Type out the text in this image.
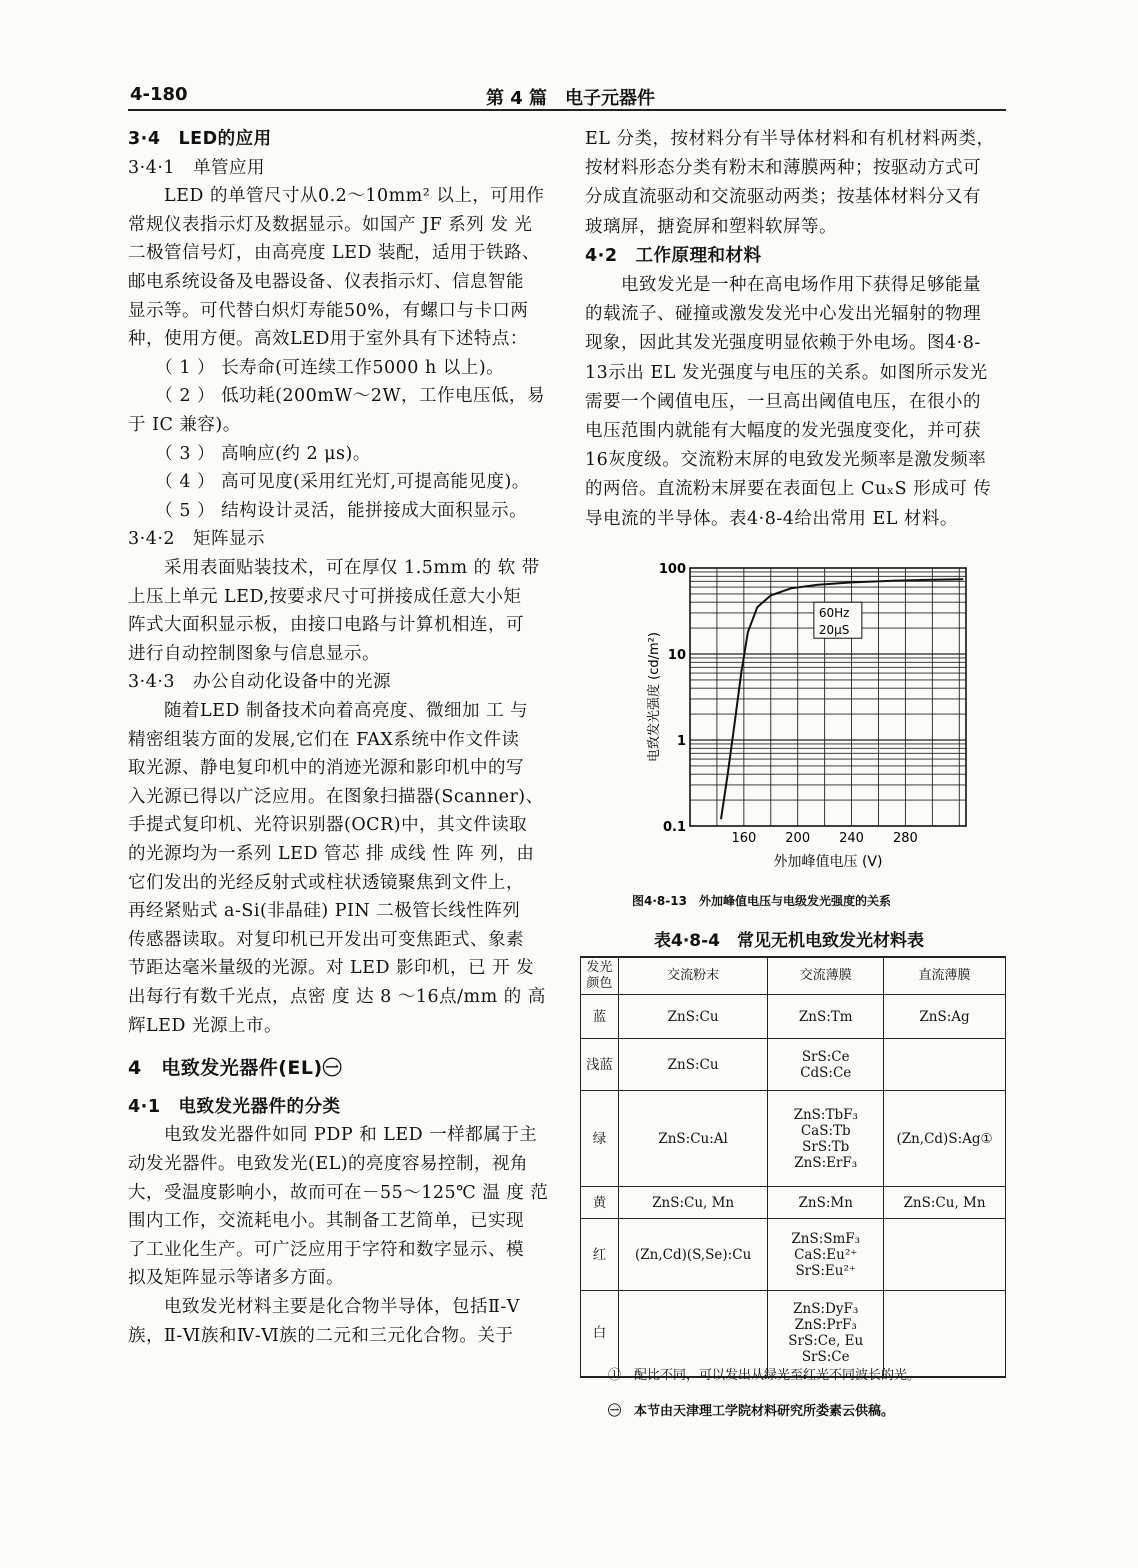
4-180	第 4 篇　电子元器件
3·4　LED的应用
3·4·1　单管应用
　　LED 的单管尺寸从0.2～10mm² 以上，可用作
常规仪表指示灯及数据显示。如国产 JF 系列 发 光
二极管信号灯，由高亮度 LED 装配，适用于铁路、
邮电系统设备及电器设备、仪表指示灯、信息智能
显示等。可代替白炽灯寿能50%，有螺口与卡口两
种，使用方便。高效LED用于室外具有下述特点：
　　（ 1 ） 长寿命(可连续工作5000 h 以上)。
　　（ 2 ） 低功耗(200mW～2W，工作电压低，易
于 IC 兼容)。
　　（ 3 ） 高响应(约 2 μs)。
　　（ 4 ） 高可见度(采用红光灯,可提高能见度)。
　　（ 5 ） 结构设计灵活，能拼接成大面积显示。
3·4·2　矩阵显示
　　采用表面贴装技术，可在厚仅 1.5mm 的 软 带
上压上单元 LED,按要求尺寸可拼接成任意大小矩
阵式大面积显示板，由接口电路与计算机相连，可
进行自动控制图象与信息显示。
3·4·3　办公自动化设备中的光源
　　随着LED 制备技术向着高亮度、微细加 工 与
精密组装方面的发展,它们在 FAX系统中作文件读
取光源、静电复印机中的消迹光源和影印机中的写
入光源已得以广泛应用。在图象扫描器(Scanner)、
手提式复印机、光符识别器(OCR)中，其文件读取
的光源均为一系列 LED 管芯 排 成线 性 阵 列，由
它们发出的光经反射式或柱状透镜聚焦到文件上，
再经紧贴式 a-Si(非晶硅) PIN 二极管长线性阵列
传感器读取。对复印机已开发出可变焦距式、象素
节距达毫米量级的光源。对 LED 影印机，已 开 发
出每行有数千光点，点密 度 达 8 ～16点/mm 的 高
辉LED 光源上市。
4　电致发光器件(EL)㊀
4·1　电致发光器件的分类
　　电致发光器件如同 PDP 和 LED 一样都属于主
动发光器件。电致发光(EL)的亮度容易控制，视角
大，受温度影响小，故而可在－55～125℃ 温 度 范
围内工作，交流耗电小。其制备工艺简单，已实现
了工业化生产。可广泛应用于字符和数字显示、模
拟及矩阵显示等诸多方面。
　　电致发光材料主要是化合物半导体，包括Ⅱ-Ⅴ
族，Ⅱ-Ⅵ族和Ⅳ-Ⅵ族的二元和三元化合物。关于
EL 分类，按材料分有半导体材料和有机材料两类，
按材料形态分类有粉末和薄膜两种；按驱动方式可
分成直流驱动和交流驱动两类；按基体材料分又有
玻璃屏，搪瓷屏和塑料软屏等。
4·2　工作原理和材料
　　电致发光是一种在高电场作用下获得足够能量
的载流子、碰撞或激发发光中心发出光辐射的物理
现象，因此其发光强度明显依赖于外电场。图4·8-
13示出 EL 发光强度与电压的关系。如图所示发光
需要一个阈值电压，一旦高出阈值电压，在很小的
电压范围内就能有大幅度的发光强度变化，并可获
16灰度级。交流粉末屏的电致发光频率是激发频率
的两倍。直流粉末屏要在表面包上 CuₓS 形成可 传
导电流的半导体。表4·8-4给出常用 EL 材料。
0.1
1
10
100
160 200 240 280
外加峰值电压 (V)
电致发光强度 (cd/m²)
60Hz
20μS
图4·8-13　外加峰值电压与电级发光强度的关系
表4·8-4　常见无机电致发光材料表
发光
颜色	交流粉末	交流薄膜	直流薄膜
蓝	ZnS:Cu	ZnS:Tm	ZnS:Ag

浅蓝	ZnS:Cu	SrS:Ce
CdS:Ce	

绿	ZnS:Cu:Al	ZnS:TbF₃
CaS:Tb
SrS:Tb
ZnS:ErF₃	(Zn,Cd)S:Ag①

黄	ZnS:Cu, Mn	ZnS:Mn	ZnS:Cu, Mn

红	(Zn,Cd)(S,Se):Cu	ZnS:SmF₃
CaS:Eu²⁺
SrS:Eu²⁺	

白		ZnS:DyF₃
ZnS:PrF₃
SrS:Ce, Eu
SrS:Ce	

①　配比不同，可以发出从绿光至红光不同波长的光。
㊀　本节由天津理工学院材料研究所娄素云供稿。
